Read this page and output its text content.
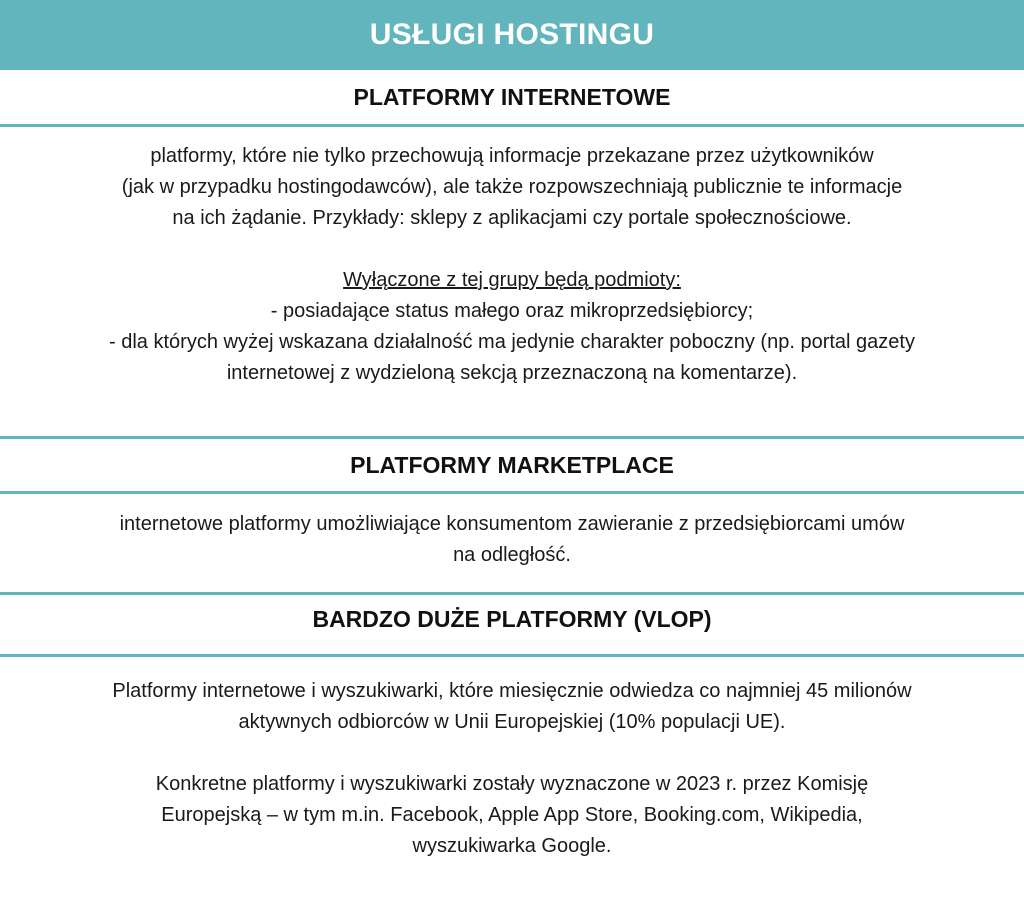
USŁUGI HOSTINGU
PLATFORMY INTERNETOWE

platformy, które nie tylko przechowują informacje przekazane przez użytkowników

(jak w przypadku hostingodawców), ale także rozpowszechniają publicznie te informacje

na ich żądanie. Przykłady: sklepy z aplikacjami czy portale społecznościowe.

Wyłączone z tej grupy będą podmioty:

- posiadające status małego oraz mikroprzedsiębiorcy;

- dla których wyżej wskazana działalność ma jedynie charakter poboczny (np. portal gazety

internetowej z wydzieloną sekcją przeznaczoną na komentarze).

PLATFORMY MARKETPLACE

internetowe platformy umożliwiające konsumentom zawieranie z przedsiębiorcami umów

na odległość.

BARDZO DUŻE PLATFORMY (VLOP)

Platformy internetowe i wyszukiwarki, które miesięcznie odwiedza co najmniej 45 milionów

aktywnych odbiorców w Unii Europejskiej (10% populacji UE).

Konkretne platformy i wyszukiwarki zostały wyznaczone w 2023 r. przez Komisję

Europejską – w tym m.in. Facebook, Apple App Store, Booking.com, Wikipedia,

wyszukiwarka Google.
